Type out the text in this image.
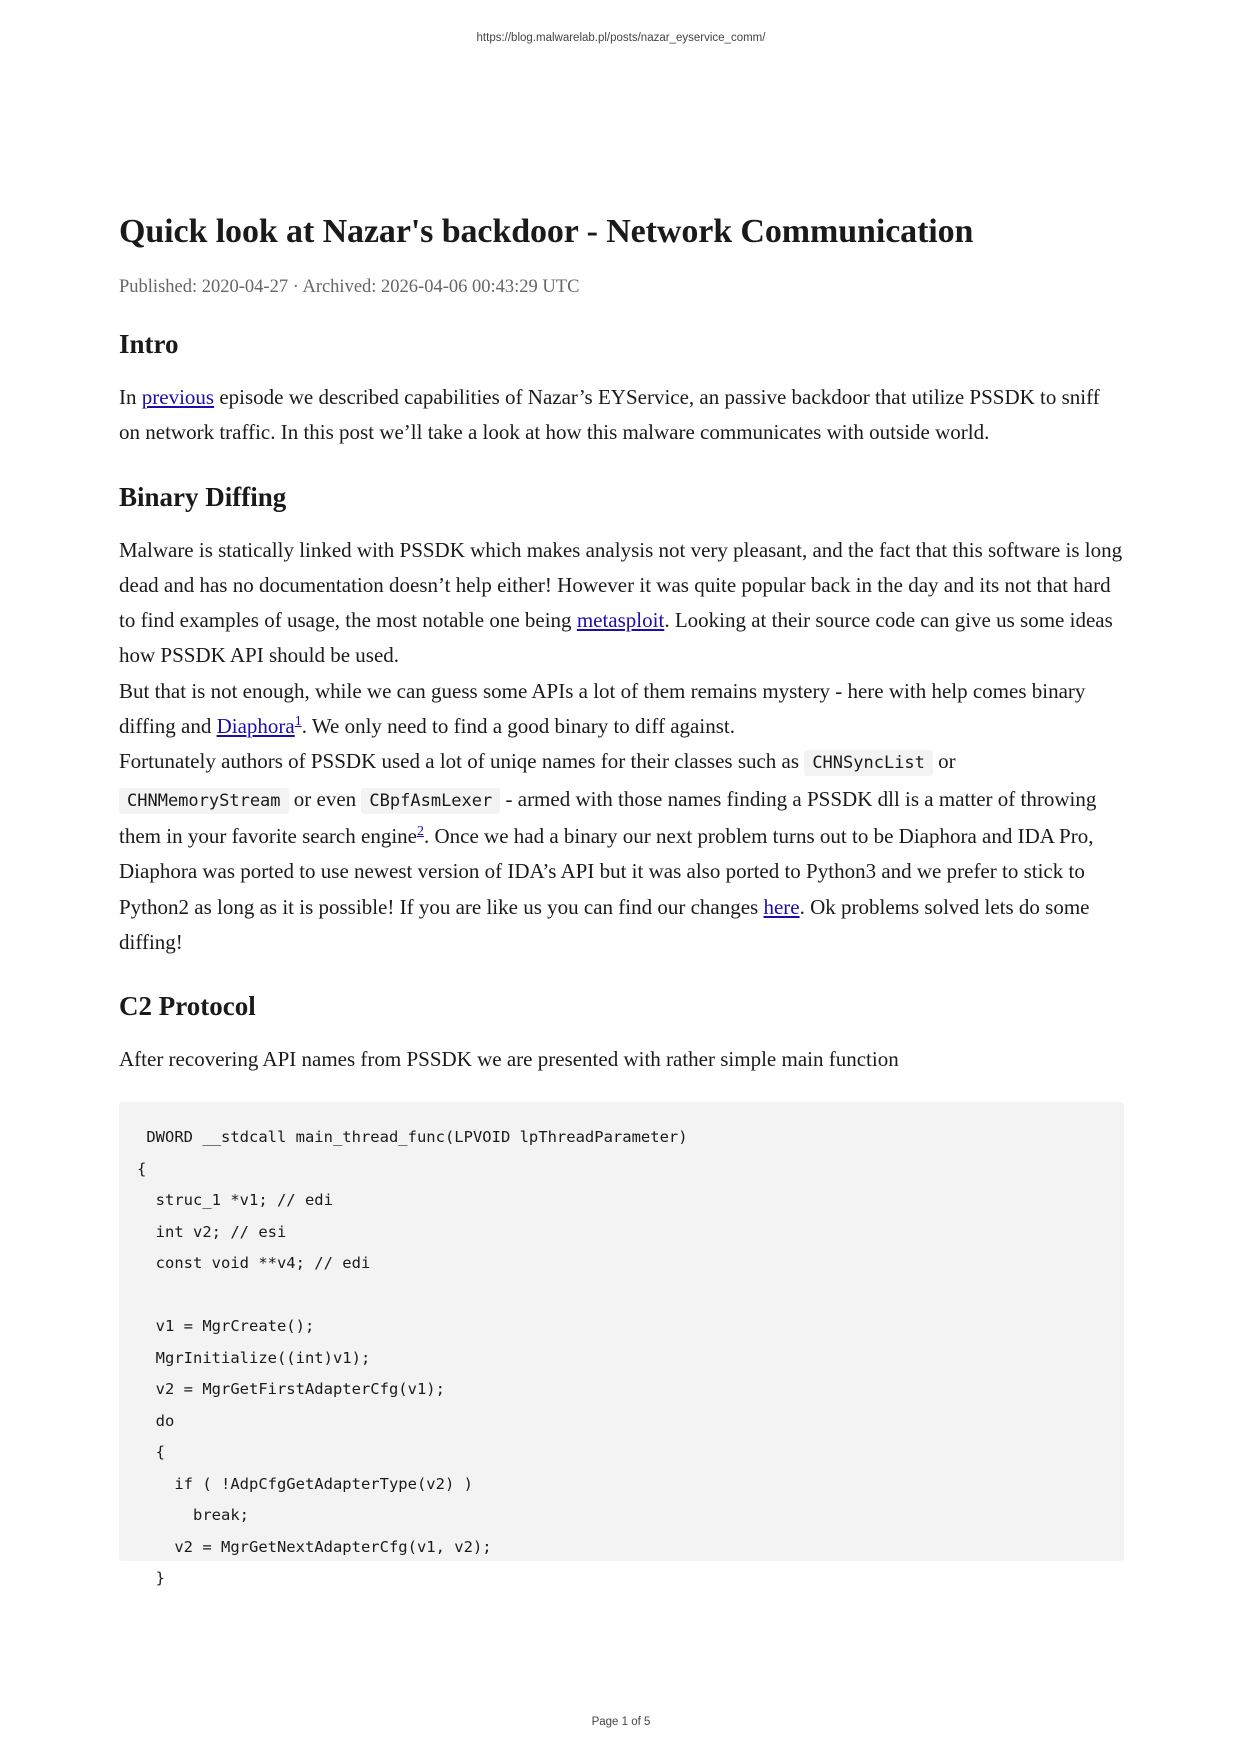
https://blog.malwarelab.pl/posts/nazar_eyservice_comm/
Quick look at Nazar's backdoor - Network Communication
Published: 2020-04-27 · Archived: 2026-04-06 00:43:29 UTC
Intro

In previous episode we described capabilities of Nazar’s EYService, an passive backdoor that utilize PSSDK to sniff on network traffic. In this post we’ll take a look at how this malware communicates with outside world.

Binary Diffing

Malware is statically linked with PSSDK which makes analysis not very pleasant, and the fact that this software is long dead and has no documentation doesn’t help either! However it was quite popular back in the day and its not that hard to find examples of usage, the most notable one being metasploit. Looking at their source code can give us some ideas how PSSDK API should be used.

But that is not enough, while we can guess some APIs a lot of them remains mystery - here with help comes binary diffing and Diaphora$^1$. We only need to find a good binary to diff against.

Fortunately authors of PSSDK used a lot of uniqe names for their classes such as CHNSyncList or CHNMemoryStream or even CBpfAsmLexer - armed with those names finding a PSSDK dll is a matter of throwing them in your favorite search engine$^2$. Once we had a binary our next problem turns out to be Diaphora and IDA Pro, Diaphora was ported to use newest version of IDA’s API but it was also ported to Python3 and we prefer to stick to Python2 as long as it is possible! If you are like us you can find our changes here. Ok problems solved lets do some diffing!

C2 Protocol

After recovering API names from PSSDK we are presented with rather simple main function

DWORD __stdcall main_thread_func(LPVOID lpThreadParameter)
{
struc_1 *v1; // edi
int v2; // esi
const void **v4; // edi

v1 = MgrCreate();
MgrInitialize((int)v1);
v2 = MgrGetFirstAdapterCfg(v1);
do
{
if ( !AdpCfgGetAdapterType(v2) )
break;
v2 = MgrGetNextAdapterCfg(v1, v2);
}
Page 1 of 5
